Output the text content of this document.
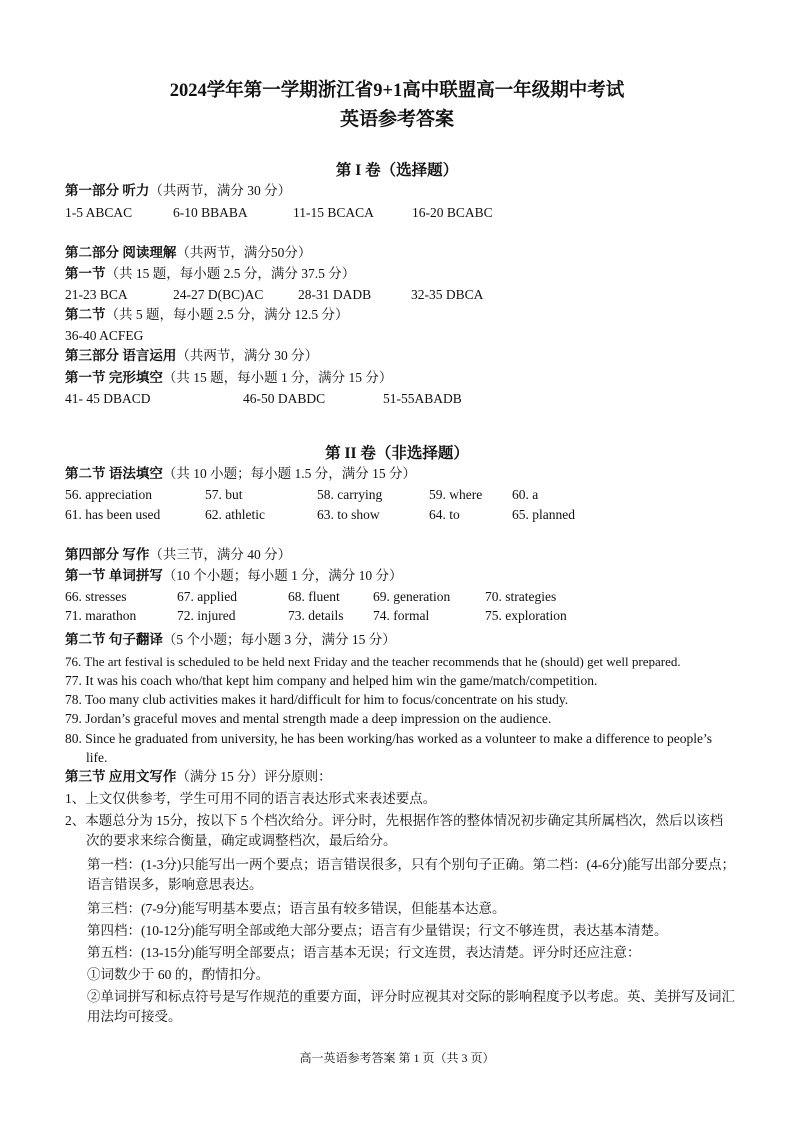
2024学年第一学期浙江省9+1高中联盟高一年级期中考试
英语参考答案
第 I 卷（选择题）
第一部分 听力（共两节，满分 30 分）
1-5 ABCAC	6-10 BBABA	11-15 BCACA	16-20 BCABC
第二部分 阅读理解（共两节，满分50分）
第一节（共 15 题，每小题 2.5 分，满分 37.5 分）
21-23 BCA	24-27 D(BC)AC	28-31 DADB	32-35 DBCA
第二节（共 5 题，每小题 2.5 分，满分 12.5 分）
36-40 ACFEG
第三部分 语言运用（共两节，满分 30 分）
第一节 完形填空（共 15 题，每小题 1 分，满分 15 分）
41- 45 DBACD	46-50 DABDC	51-55ABADB
第 II 卷（非选择题）
第二节 语法填空（共 10 小题；每小题 1.5 分，满分 15 分）
56. appreciation	57. but	58. carrying	59. where 60. a
61. has been used	62. athletic	63. to show	64. to	65. planned
第四部分 写作（共三节，满分 40 分）
第一节 单词拼写（10 个小题；每小题 1 分，满分 10 分）
66. stresses	67. applied	68. fluent 69. generation	70. strategies
71. marathon	72. injured	73. details 74. formal	75. exploration
第二节 句子翻译（5 个小题；每小题 3 分，满分 15 分）
76. The art festival is scheduled to be held next Friday and the teacher recommends that he (should) get well prepared.
77. It was his coach who/that kept him company and helped him win the game/match/competition.
78. Too many club activities makes it hard/difficult for him to focus/concentrate on his study.
79. Jordan’s graceful moves and mental strength made a deep impression on the audience.
80. Since he graduated from university, he has been working/has worked as a volunteer to make a difference to people’s life.
第三节 应用文写作（满分 15 分）评分原则：
1、上文仅供参考，学生可用不同的语言表达形式来表述要点。
2、本题总分为 15分，按以下 5 个档次给分。评分时，先根据作答的整体情况初步确定其所属档次，然后以该档次的要求来综合衡量，确定或调整档次，最后给分。
第一档：(1-3分)只能写出一两个要点；语言错误很多，只有个别句子正确。第二档：(4-6分)能写出部分要点；语言错误多，影响意思表达。
第三档：(7-9分)能写明基本要点；语言虽有较多错误，但能基本达意。
第四档：(10-12分)能写明全部或绝大部分要点；语言有少量错误；行文不够连贯，表达基本清楚。
第五档：(13-15分)能写明全部要点；语言基本无误；行文连贯，表达清楚。评分时还应注意：
①词数少于 60 的，酌情扣分。
②单词拼写和标点符号是写作规范的重要方面，评分时应视其对交际的影响程度予以考虑。英、美拼写及词汇用法均可接受。
高一英语参考答案 第 1 页（共 3 页）
